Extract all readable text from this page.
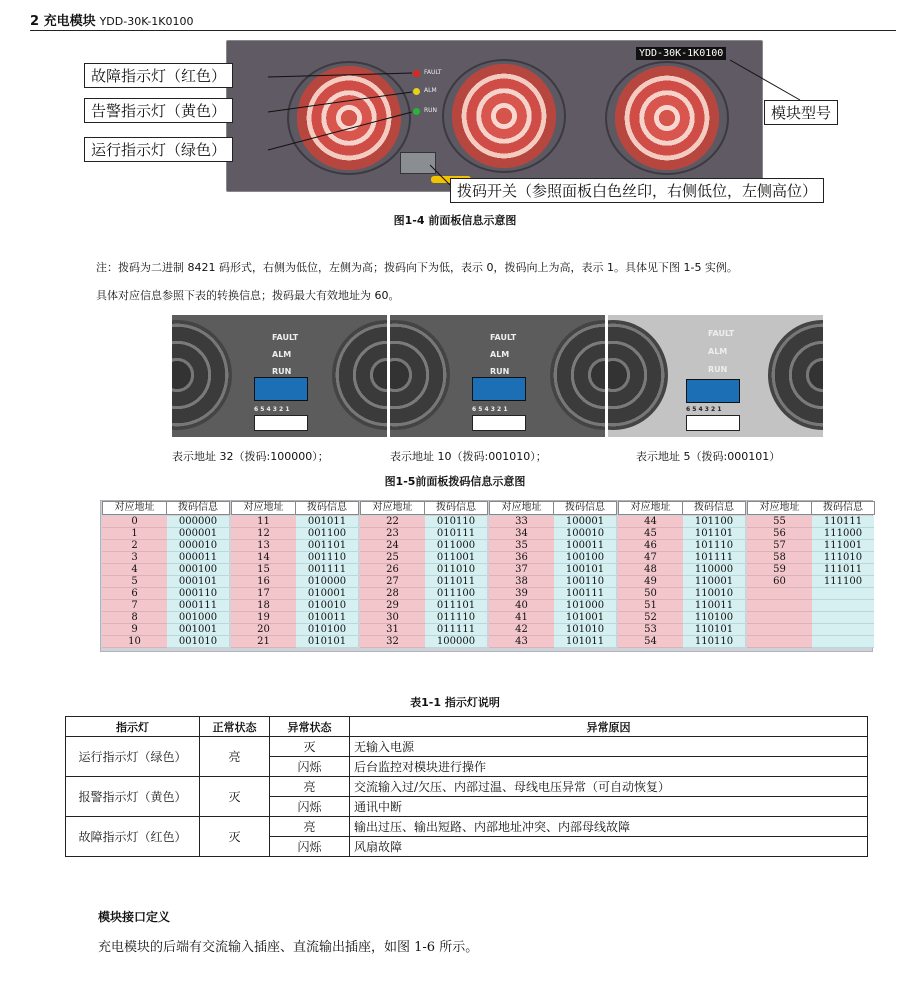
2 充电模块 YDD-30K-1K0100
FAULT
ALM
RUN
YDD-30K-1K0100
故障指示灯（红色）
告警指示灯（黄色）
运行指示灯（绿色）
模块型号
拨码开关（参照面板白色丝印，右侧低位，左侧高位）
图1-4 前面板信息示意图
注：拨码为二进制 8421 码形式，右侧为低位，左侧为高；拨码向下为低，表示 0，拨码向上为高，表示 1。具体见下图 1-5 实例。
具体对应信息参照下表的转换信息；拨码最大有效地址为 60。
FAULT
ALM
RUN
6 5 4 3 2 1
FAULT
ALM
RUN
6 5 4 3 2 1
FAULT
ALM
RUN
6 5 4 3 2 1
表示地址 32（拨码:100000）；	表示地址 10（拨码:001010）；	表示地址 5（拨码:000101）
图1-5前面板拨码信息示意图
对应地址	拨码信息
0	000000
1	000001
2	000010
3	000011
4	000100
5	000101
6	000110
7	000111
8	001000
9	001001
10	001010
对应地址	拨码信息
11	001011
12	001100
13	001101
14	001110
15	001111
16	010000
17	010001
18	010010
19	010011
20	010100
21	010101
对应地址	拨码信息
22	010110
23	010111
24	011000
25	011001
26	011010
27	011011
28	011100
29	011101
30	011110
31	011111
32	100000
对应地址	拨码信息
33	100001
34	100010
35	100011
36	100100
37	100101
38	100110
39	100111
40	101000
41	101001
42	101010
43	101011
对应地址	拨码信息
44	101100
45	101101
46	101110
47	101111
48	110000
49	110001
50	110010
51	110011
52	110100
53	110101
54	110110
对应地址	拨码信息
55	110111
56	111000
57	111001
58	111010
59	111011
60	111100
表1-1 指示灯说明
指示灯	正常状态	异常状态	异常原因
运行指示灯（绿色）	亮	灭	无输入电源
		闪烁	后台监控对模块进行操作
报警指示灯（黄色）	灭	亮	交流输入过/欠压、内部过温、母线电压异常（可自动恢复）
		闪烁	通讯中断
故障指示灯（红色）	灭	亮	输出过压、输出短路、内部地址冲突、内部母线故障
		闪烁	风扇故障
模块接口定义
充电模块的后端有交流输入插座、直流输出插座，如图 1-6 所示。
